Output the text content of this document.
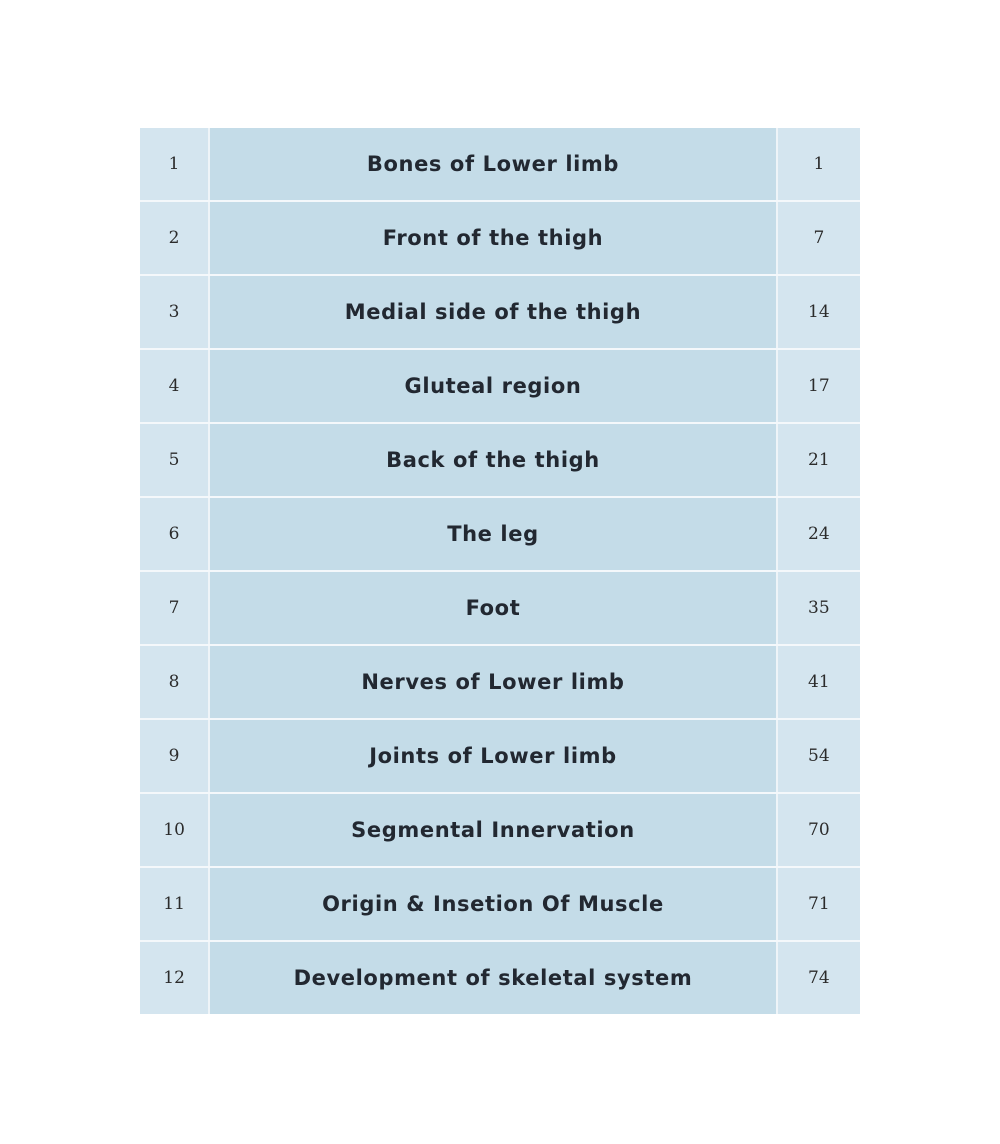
1	Bones of Lower limb	1
2	Front of the thigh	7
3	Medial side of the thigh	14
4	Gluteal region	17
5	Back of the thigh	21
6	The leg	24
7	Foot	35
8	Nerves of Lower limb	41
9	Joints of Lower limb	54
10	Segmental Innervation	70
11	Origin & Insetion Of Muscle	71
12	Development of skeletal system	74
